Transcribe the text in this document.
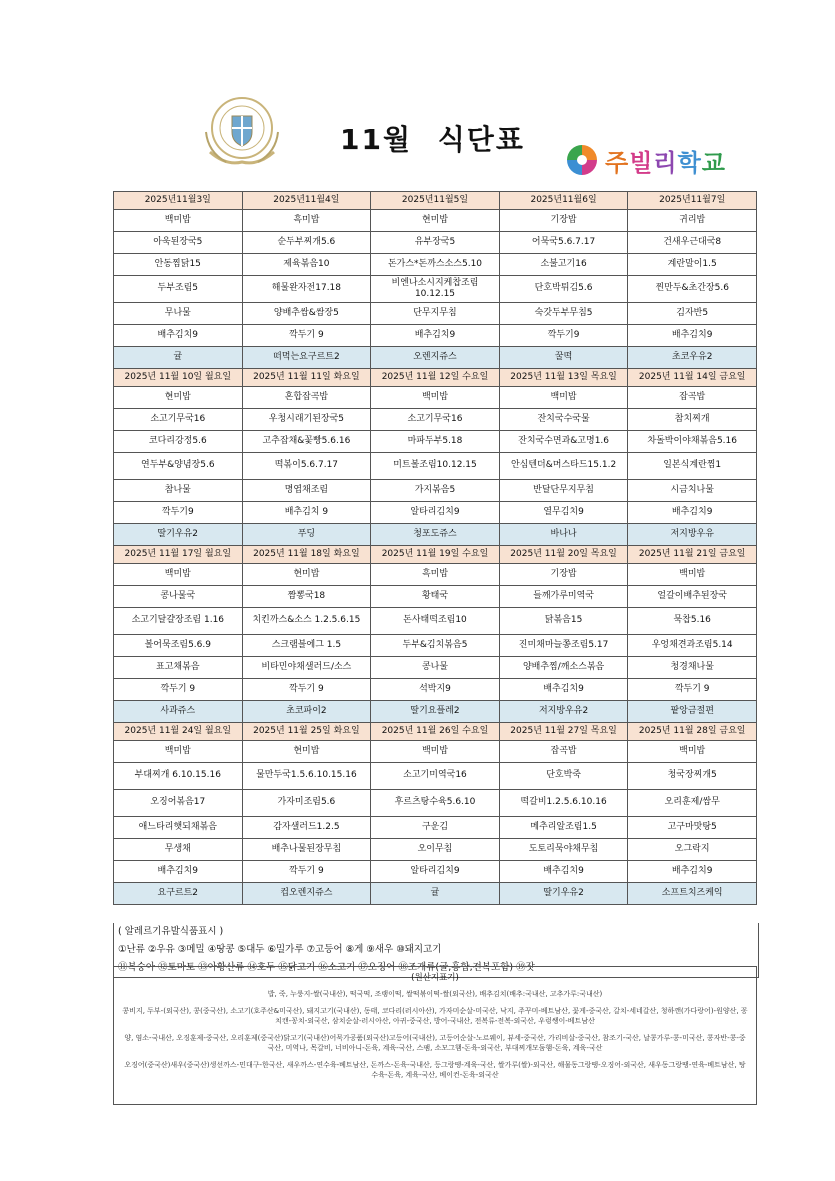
11월 식단표
주빌리학교
2025년11월3일	2025년11월4일	2025년11월5일	2025년11월6일	2025년11월7일
백미밥	흑미밥	현미밥	기장밥	귀리밥
아욱된장국5	순두부찌개5.6	유부장국5	어묵국5.6.7.17	건새우근대국8
안동찜닭15	제육볶음10	돈가스*돈까스소스5.10	소불고기16	계란말이1.5
두부조림5	해물완자전17.18	비엔나소시지케찹조림 10.12.15	단호박튀김5.6	찐만두&초간장5.6
무나물	양배추쌈&쌈장5	단무지무침	숙갓두부무침5	김자반5
배추김치9	깍두기 9	배추김치9	깍두기9	배추김치9
귤	떠먹는요구르트2	오렌지쥬스	꿀떡	초코우유2
2025년 11월 10일 월요일	2025년 11월 11일 화요일	2025년 11월 12일 수요일	2025년 11월 13일 목요일	2025년 11월 14일 금요일
현미밥	혼합잡곡밥	백미밥	백미밥	잡곡밥
소고기무국16	우청시래기된장국5	소고기무국16	잔치국수국물	참치찌개
코다리강정5.6	고추잡채&꽃빵5.6.16	마파두부5.18	잔치국수면과&고명1.6	차돌박이야채볶음5.16
연두부&양념장5.6	떡볶이5.6.7.17	미트볼조림10.12.15	안심텐더&머스타드15.1.2	일본식계란찜1
참나물	명엽채조림	가지볶음5	반달단무지무침	시금치나물
깍두기9	배추김치 9	알타리김치9	열무김치9	배추김치9
딸기우유2	푸딩	청포도쥬스	바나나	저지방우유
2025년 11월 17일 월요일	2025년 11월 18일 화요일	2025년 11월 19일 수요일	2025년 11월 20일 목요일	2025년 11월 21일 금요일
백미밥	현미밥	흑미밥	기장밥	백미밥
콩나물국	짬뽕국18	황태국	들깨가루미역국	얼갈이배추된장국
소고기달걀장조림 1.16	치킨까스&소스 1.2.5.6.15	돈사태떡조림10	닭볶음15	묵찹5.16
볼어묵조림5.6.9	스크램블에그 1.5	두부&김치볶음5	진미채마늘쫑조림5.17	우엉채견과조림5.14
표고채볶음	비타민야채샐러드/소스	콩나물	양배추찜/깨소스볶음	청경채나물
깍두기 9	깍두기 9	석박지9	배추김치9	깍두기 9
사과쥬스	초코파이2	딸기요플레2	저지방우유2	팥앙금절편
2025년 11월 24일 월요일	2025년 11월 25일 화요일	2025년 11월 26일 수요일	2025년 11월 27일 목요일	2025년 11월 28일 금요일
백미밥	현미밥	백미밥	잡곡밥	백미밥
부대찌개 6.10.15.16	물만두국1.5.6.10.15.16	소고기미역국16	단호박죽	청국장찌개5
오징어볶음17	가자미조림5.6	후르츠탕수육5.6.10	떡갈비1.2.5.6.10.16	오리훈제/쌈무
애느타리햇되채볶음	감자샐러드1.2.5	구운김	메추리알조림1.5	고구마맛탕5
무생채	배추나물된장무침	오이무침	도토리묵야채무침	오그락지
배추김치9	깍두기 9	알타리김치9	배추김치9	배추김치9
요구르트2	컵오렌지쥬스	귤	딸기우유2	소프트치즈케익
( 알레르기유발식품표시 )
①난류 ②우유 ③메밀 ④땅콩 ⑤대두 ⑥밀가루 ⑦고등어 ⑧게 ⑨새우 ⑩돼지고기
⑪복숭아 ⑫토마토 ⑬아황산류 ⑭호두 ⑮닭고기 ⑯소고기 ⑰오징어 ⑱조개류(굴,홍합,전복포함) ⑲잣
(원산지표기)
밥, 죽, 누룽지-쌀(국내산), 떡국떡, 조랭이떡, 쌀떡볶이떡-쌀(외국산), 배추김치(배추:국내산, 고추가루:국내산)
콩비지, 두부-(외국산), 콩(중국산), 소고기(호주산&미국산), 돼지고기(국내산), 동태, 코다리(러시아산), 가자미순살-미국산, 낙지, 주꾸미-베트남산, 꽃게-중국산, 갈치-세네갈산, 청하깬(가다랑어)-원양산, 꽁치캔-꽁치-외국산, 삼치순살-러시아산, 아귀-중국산, 방어-국내산, 전복류-전복-외국산, 우렁쌩이-베트남산
양, 염소-국내산, 오징훈제-중국산, 오리훈제(중국산)닭고기(국내산)어묵가공품(외국산)고등어(국내산), 고등어순살-노르웨이, 뷰세-중국산, 가리비살-중국산, 참조기-국산, 날콩가루-콩-미국산, 콩자반-콩-중국산, 미역나, 목갈비, 너비아니-돈육, 계육-국산, 스팸, 소모그햄-돈육-외국산, 부대찌개모둠햄-돈육, 계육-국산
오징어(중국산)새우(중국산)생선까스-민대구-한국산, 새우까스-연수육-베트남산, 돈까스-돈육-국내산, 등그랑땡-계육-국산, 쌀가루(쌀)-외국산, 해물동그랑땡-오징어-외국산, 새우동그랑땡-연육-베트남산, 탕수육-돈육, 계육-국산, 베이컨-돈육-외국산
